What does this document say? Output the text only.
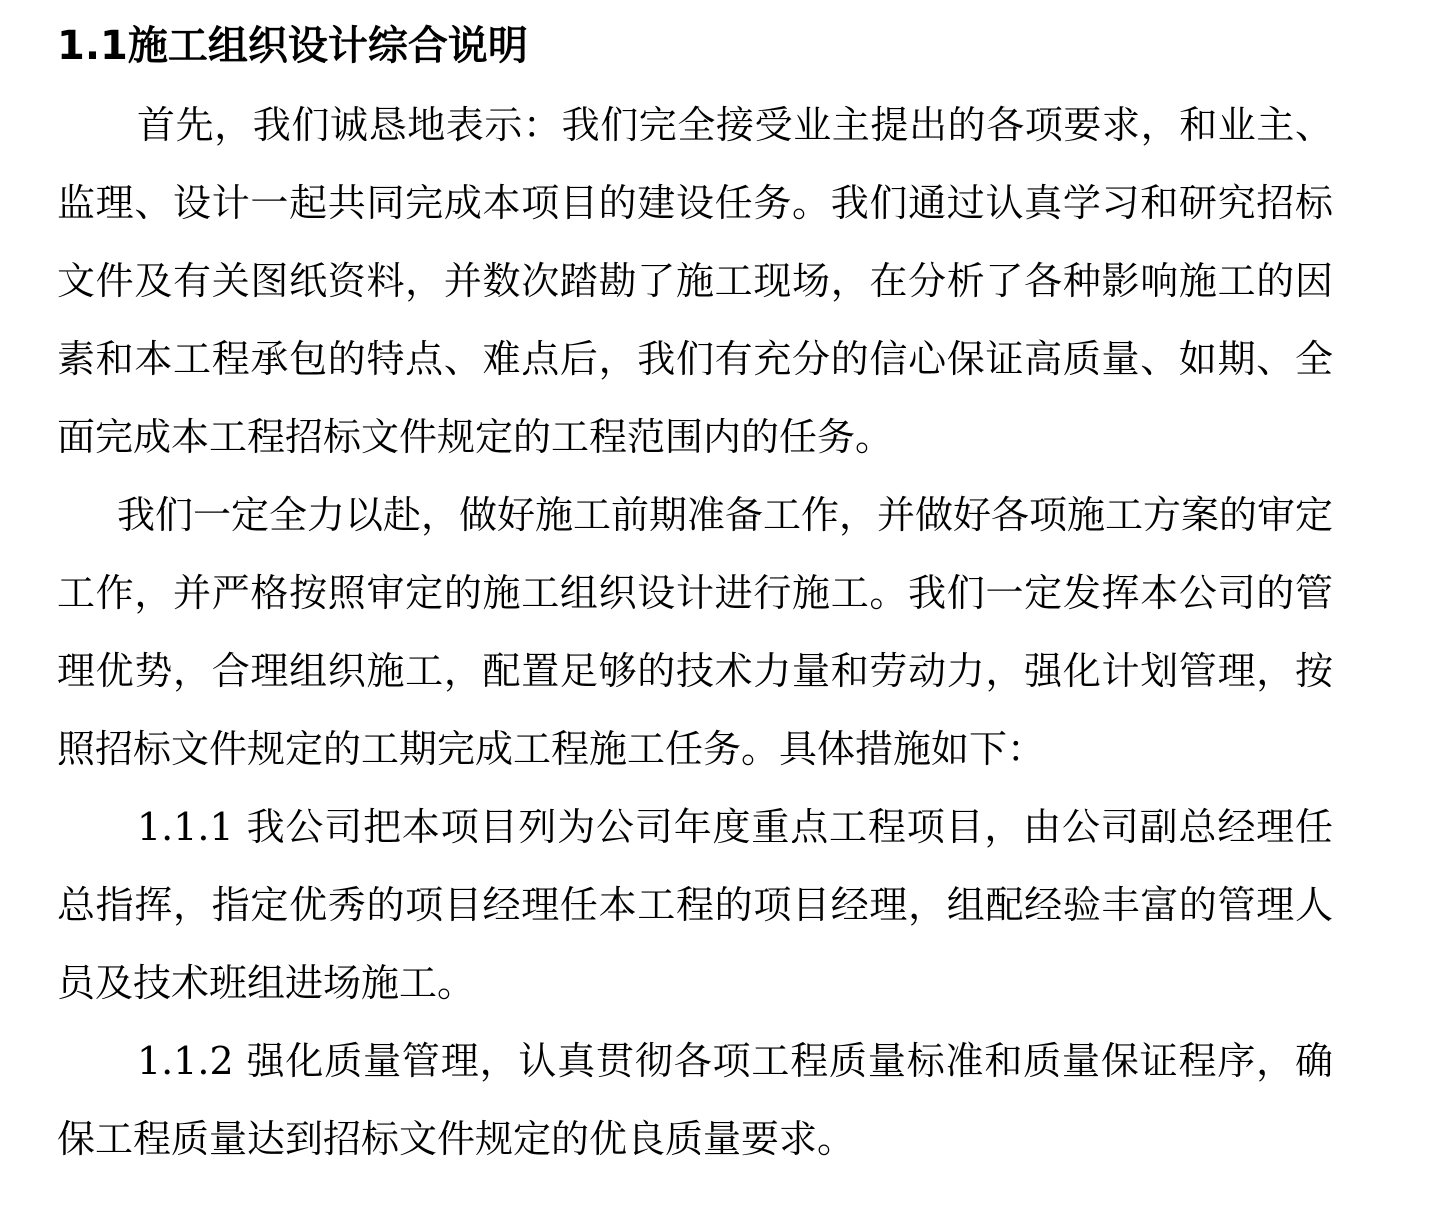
1.1施工组织设计综合说明

首先，我们诚恳地表示：我们完全接受业主提出的各项要求，和业主、监理、设计一起共同完成本项目的建设任务。我们通过认真学习和研究招标文件及有关图纸资料，并数次踏勘了施工现场，在分析了各种影响施工的因素和本工程承包的特点、难点后，我们有充分的信心保证高质量、如期、全面完成本工程招标文件规定的工程范围内的任务。

我们一定全力以赴，做好施工前期准备工作，并做好各项施工方案的审定工作，并严格按照审定的施工组织设计进行施工。我们一定发挥本公司的管理优势，合理组织施工，配置足够的技术力量和劳动力，强化计划管理，按照招标文件规定的工期完成工程施工任务。具体措施如下：

1.1.1 我公司把本项目列为公司年度重点工程项目，由公司副总经理任总指挥，指定优秀的项目经理任本工程的项目经理，组配经验丰富的管理人员及技术班组进场施工。

1.1.2 强化质量管理，认真贯彻各项工程质量标准和质量保证程序，确保工程质量达到招标文件规定的优良质量要求。
